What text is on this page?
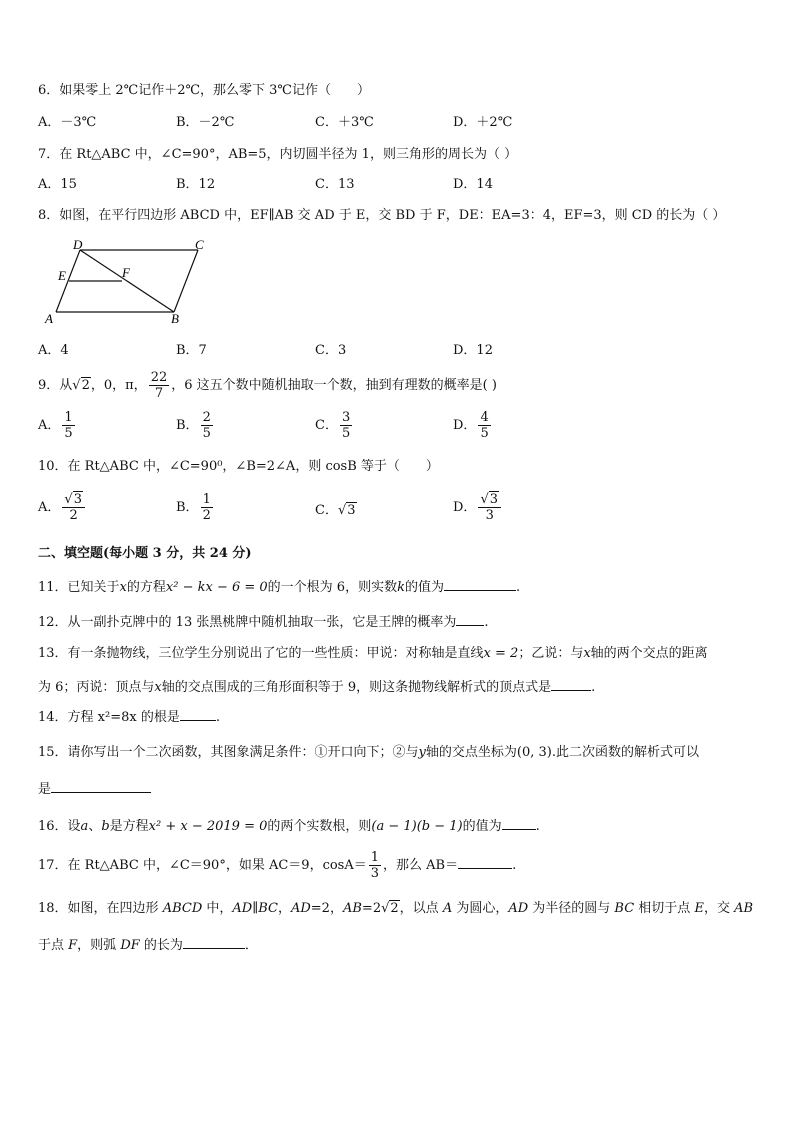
6．如果零上 2℃记作＋2℃，那么零下 3℃记作（　　）
A．－3℃	B．－2℃	C．＋3℃	D．＋2℃
7．在 Rt△ABC 中，∠C=90°，AB=5，内切圆半径为 1，则三角形的周长为（ ）
A．15	B．12	C．13	D．14
8．如图，在平行四边形 ABCD 中，EF∥AB 交 AD 于 E，交 BD 于 F，DE：EA=3：4，EF=3，则 CD 的长为（ ）
D	C
E	F
A	B
A．4	B．7	C．3	D．12
9．从√2，0，π， $\frac{22}{7}$ ，6 这五个数中随机抽取一个数，抽到有理数的概率是( )
A． $\frac{1}{5}$	B． $\frac{2}{5}$	C． $\frac{3}{5}$	D． $\frac{4}{5}$
10．在 Rt△ABC 中，∠C=90⁰，∠B=2∠A，则 cosB 等于（　　）
A． $\frac{√3}{2}$	B． $\frac{1}{2}$	C．√3	D． $\frac{√3}{3}$
二、填空题(每小题 3 分，共 24 分)
11．已知关于x的方程x² − kx − 6 = 0的一个根为 6，则实数k的值为	.
12．从一副扑克牌中的 13 张黑桃牌中随机抽取一张，它是王牌的概率为 .
13．有一条抛物线，三位学生分别说出了它的一些性质：甲说：对称轴是直线x = 2；乙说：与x轴的两个交点的距离
为 6；丙说：顶点与x轴的交点围成的三角形面积等于 9，则这条抛物线解析式的顶点式是	.
14．方程 x²=8x 的根是	.
15．请你写出一个二次函数，其图象满足条件：①开口向下；②与y轴的交点坐标为(0, 3).此二次函数的解析式可以
是
16．设a、b是方程x² + x − 2019 = 0的两个实数根，则(a − 1)(b − 1)的值为	.
17．在 Rt△ABC 中，∠C＝90°，如果 AC＝9，$\cos A= \frac{1}{3}$ ，那么 AB＝	.
18．如图，在四边形 ABCD 中，AD∥BC，AD=2，AB=2√2，以点 A 为圆心，AD 为半径的圆与 BC 相切于点 E，交 AB
于点 F，则弧 DF 的长为	．
